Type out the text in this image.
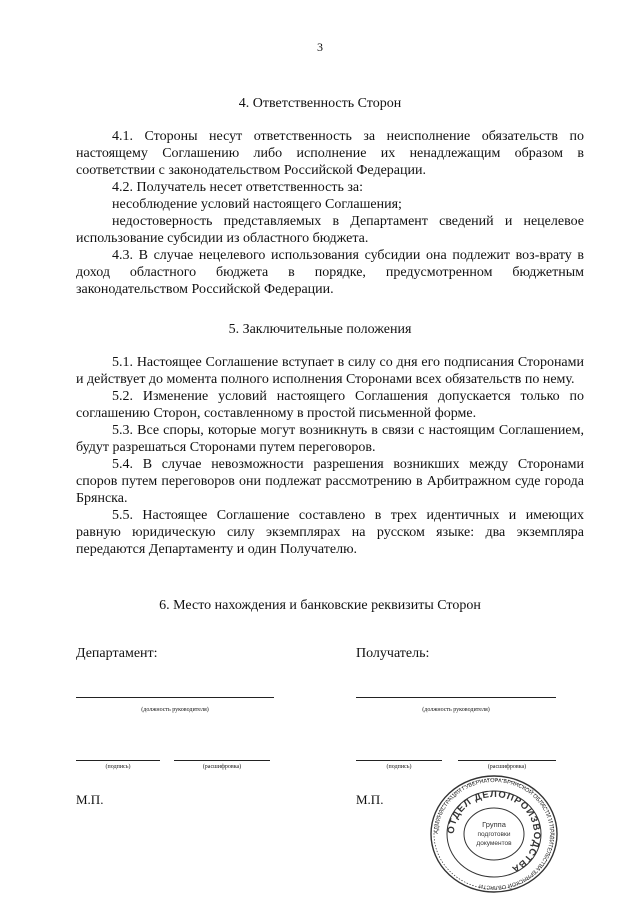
3
4. Ответственность Сторон

4.1. Стороны несут ответственность за неисполнение обязательств по настоящему Соглашению либо исполнение их ненадлежащим образом в соответствии с законодательством Российской Федерации.

4.2. Получатель несет ответственность за:

несоблюдение условий настоящего Соглашения;

недостоверность представляемых в Департамент сведений и нецелевое использование субсидии из областного бюджета.

4.3. В случае нецелевого использования субсидии она подлежит воз-врату в доход областного бюджета в порядке, предусмотренном бюджетным законодательством Российской Федерации.

5. Заключительные положения

5.1. Настоящее Соглашение вступает в силу со дня его подписания Сторонами и действует до момента полного исполнения Сторонами всех обязательств по нему.

5.2. Изменение условий настоящего Соглашения допускается только по соглашению Сторон, составленному в простой письменной форме.

5.3. Все споры, которые могут возникнуть в связи с настоящим Соглашением, будут разрешаться Сторонами путем переговоров.

5.4. В случае невозможности разрешения возникших между Сторонами споров путем переговоров они подлежат рассмотрению в Арбитражном суде города Брянска.

5.5. Настоящее Соглашение составлено в трех идентичных и имеющих равную юридическую силу экземплярах на русском языке: два экземпляра передаются Департаменту и один Получателю.

6. Место нахождения и банковские реквизиты Сторон
Департамент:
(должность руководителя)
(подпись)	(расшифровка)
М.П.
Получатель:
(должность руководителя)
(подпись)	(расшифровка)
М.П.
АДМИНИСТРАЦИЯ ГУБЕРНАТОРА БРЯНСКОЙ ОБЛАСТИ И ПРАВИТЕЛЬСТВА БРЯНСКОЙ ОБЛАСТИ
ОТДЕЛ ДЕЛОПРОИЗВОДСТВА
Группа
подготовки
документов
